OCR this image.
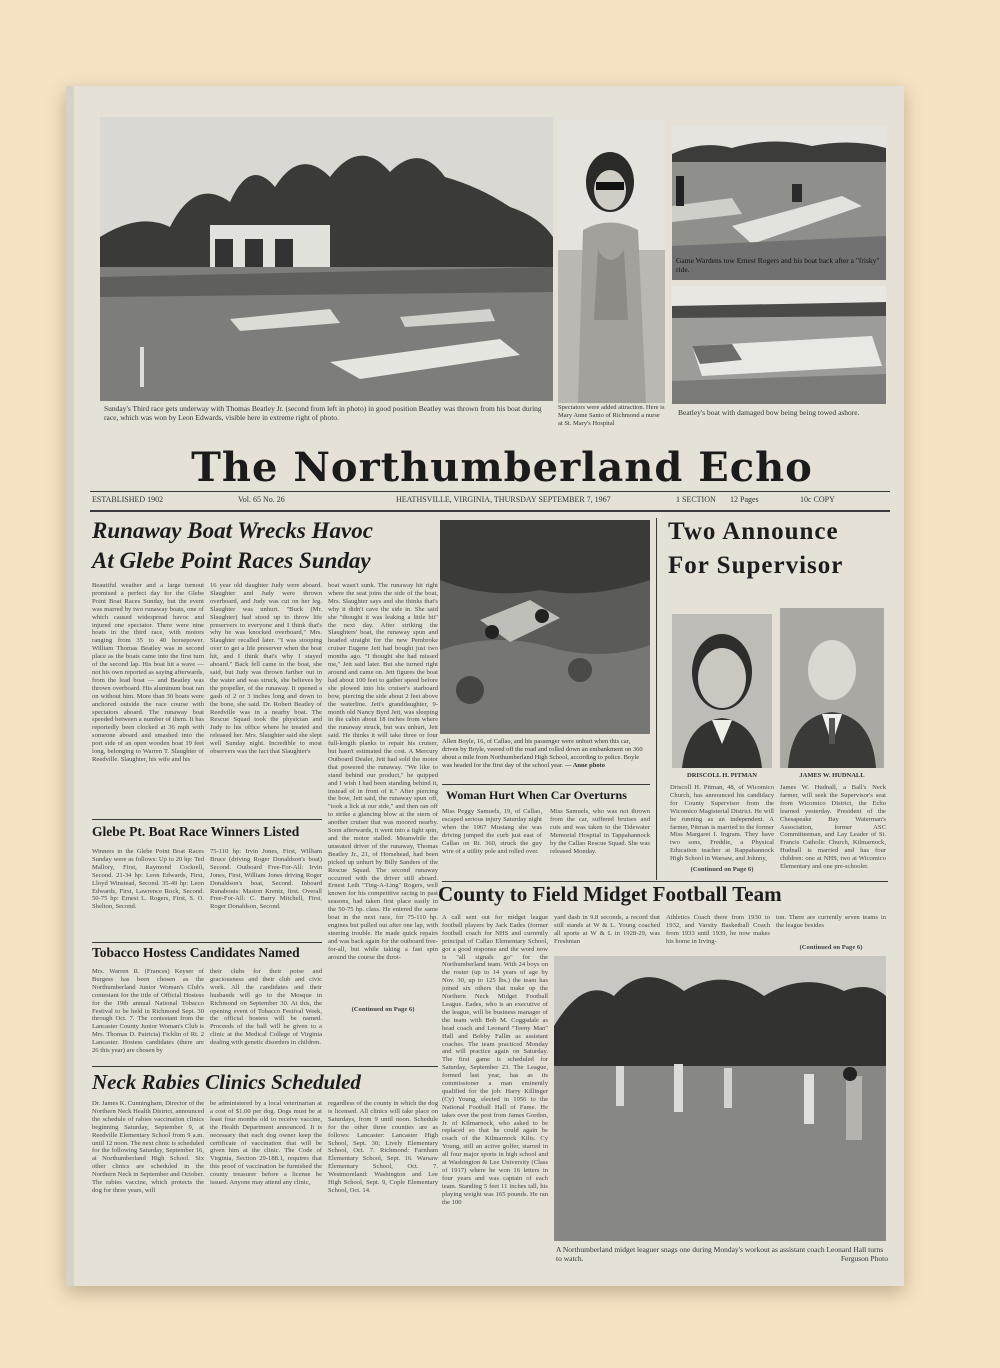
Sunday's Third race gets underway with Thomas Beatley Jr. (second from left in photo) in good position Beatley was thrown from his boat during race, which was won by Leon Edwards, visible here in extreme right of photo.
Spectators were added attraction. Here is Mary Anne Santo of Richmond a nurse at St. Mary's Hospital
Game Wardens tow Ernest Rogers and his boat back after a "frisky" ride.
Beatley's boat with damaged bow being being towed ashore.
The Northumberland Echo
ESTABLISHED 1902	Vol. 65 No. 26	HEATHSVILLE, VIRGINIA, THURSDAY SEPTEMBER 7, 1967	1 SECTION 12 Pages	10c COPY
Runaway Boat Wrecks Havoc
At Glebe Point Races Sunday
Beautiful weather and a large turnout promised a perfect day for the Glebe Point Boat Races Sunday, but the event was marred by two runaway boats, one of which caused widespread havoc and injured one spectator. There were nine boats in the third race, with motors ranging from 35 to 40 horsepower. William Thomas Beatley was in second place as the boats came into the first turn of the second lap. His boat hit a wave — not his own reported as saying afterwards, from the lead boat — and Beatley was thrown overboard. His aluminum boat ran on without him. More than 30 boats were anchored outside the race course with spectators aboard. The runaway boat speeded between a number of them. It has reportedly been clocked at 36 mph with someone aboard and smashed into the port side of an open wooden boat 19 feet long, belonging to Warren T. Slaughter of Reedville. Slaughter, his wife and his
16 year old daughter Judy were aboard. Slaughter and Judy were thrown overboard, and Judy was cut on her leg. Slaughter was unhurt. "Buck (Mr. Slaughter) had stood up to throw life preservers to everyone and I think that's why he was knocked overboard," Mrs. Slaughter recalled later. "I was stooping over to get a life preserver when the boat hit, and I think that's why I stayed aboard." Back fell came to the boat, she said, but Judy was thrown farther out in the water and was struck, she believes by the propeller, of the runaway. It opened a gash of 2 or 3 inches long and down to the bone, she said. Dr. Robert Beatley of Reedville was in a nearby boat. The Rescue Squad took the physician and Judy to his office where he treated and released her. Mrs. Slaughter said she slept well Sunday night. Incredible to most observers was the fact that Slaughter's
boat wasn't sunk. The runaway hit right where the seat joins the side of the boat, Mrs. Slaughter says and she thinks that's why it didn't cave the side in. She said she "thought it was leaking a little bit" the next day. After striking the Slaughters' boat, the runaway spun and headed straight for the new Pembroke cruiser Eugene Jett had bought just two months ago. "I thought she had missed me," Jett said later. But she turned right around and came on. Jett figures the boat had about 100 feet to gather speed before she plowed into his cruiser's starboard bow, piercing the side about 2 feet above the waterline. Jett's granddaughter, 9-month old Nancy Byrd Jett, was sleeping in the cabin about 18 inches from where the runaway struck, but was unhurt, Jett said. He thinks it will take three or four full-length planks to repair his cruiser, but hasn't estimated the cost. A Mercury Outboard Dealer, Jett had sold the motor that powered the runaway. "We like to stand behind our product," he quipped and I wish I had been standing behind it, instead of in front of it." After piercing the bow, Jett said, the runaway spun off, "took a lick at our side," and then ran off to strike a glancing blow at the stern of another cruiser that was moored nearby. Soon afterwards, it went into a tight spin, and the motor stalled. Meanwhile the unseated driver of the runaway, Thomas Beatley Jr., 21, of Horsehead, had been picked up unhurt by Billy Sanders of the Rescue Squad. The second runaway occurred with the driver still aboard. Ernest Leth "Ting-A-Ling" Rogers, well known for his competitive racing in past seasons, had taken first place easily in the 50-75 hp. class. He entered the same boat in the next race, for 75-110 hp. engines but pulled out after one lap, with steering trouble. He made quick repairs and was back again for the outboard free-for-all, but while taking a fast spin around the course the throt-
(Continued on Page 6)
Glebe Pt. Boat Race Winners Listed
Winners in the Glebe Point Boat Races Sunday were as follows: Up to 20 hp: Ted Mallory, First, Raymond Cockrell, Second. 21-34 hp: Leon Edwards, First, Lloyd Winstead, Second. 35-49 hp: Leon Edwards, First, Lawrence Rock, Second. 50-75 hp: Ernest L. Rogers, First, S. O. Shelton, Second.
75-110 hp: Irvin Jones, First, William Bruce (driving Roger Donaldson's boat) Second. Outboard Free-For-All: Irvin Jones, First, William Jones driving Roger Donaldson's boat, Second. Inboard Runabouts: Maston Krentz, first. Overall Free-For-All: C. Barry Mitchell, First, Roger Donaldson, Second.
Tobacco Hostess Candidates Named
Mrs. Warren R. (Frances) Keyser of Burgess has been chosen as the Northumberland Junior Woman's Club's contestant for the title of Official Hostess for the 19th annual National Tobacco Festival to be held in Richmond Sept. 30 through Oct. 7. The contestant from the Lancaster County Junior Woman's Club is Mrs. Thomas D. Patricia) Ficklin of Rt. 2 Lancaster. Hostess candidates (there are 26 this year) are chosen by
their clubs for their poise and graciousness and their club and civic work. All the candidates and their husbands will go to the Mosque in Richmond on September 30. At this, the opening event of Tobacco Festival Week, the official hostess will be named. Proceeds of the ball will be given to a clinic at the Medical College of Virginia dealing with genetic disorders in children.
Neck Rabies Clinics Scheduled
Dr. James K. Cunningham, Director of the Northern Neck Health District, announced the schedule of rabies vaccination clinics beginning Saturday, September 9, at Reedville Elementary School from 9 a.m. until 12 noon. The next clinic is scheduled for the following Saturday, September 16, at Northumberland High School. Six other clinics are scheduled in the Northern Neck in September and October. The rabies vaccine, which protects the dog for three years, will
be administered by a local veterinarian at a cost of $1.00 per dog. Dogs must be at least four months old to receive vaccine, the Health Department announced. It is necessary that each dog owner keep the certificate of vaccination that will be given him at the clinic. The Code of Virginia, Section 29-188.1, requires that this proof of vaccination be furnished the county treasurer before a license be issued. Anyone may attend any clinic,
regardless of the county in which the dog is licensed. All clinics will take place on Saturdays, from 9 until noon. Schedule for the other three counties are as follows: Lancaster: Lancaster High School, Sept. 30; Lively Elementary School, Oct. 7. Richmond: Farnham Elementary School, Sept. 16. Warsaw Elementary School, Oct. 7. Westmoreland: Washington and Lee High School, Sept. 9, Cople Elementary School, Oct. 14.
Allen Boyle, 16, of Callao, and his passenger were unhurt when this car, driven by Boyle, veered off the road and rolled down an embankment on 360 about a mile from Northumberland High School, according to police. Boyle was headed for the first day of the school year. — Anne photo
Woman Hurt When Car Overturns
Miss Peggy Samuels, 19, of Callao, escaped serious injury Saturday night when the 1967 Mustang she was driving jumped the curb just east of Callao on Rt. 360, struck the guy wire of a utility pole and rolled over.
Miss Samuels, who was not thrown from the car, suffered bruises and cuts and was taken to the Tidewater Memorial Hospital in Tappahannock by the Callao Rescue Squad. She was released Monday.
Two Announce
For Supervisor
DRISCOLL H. PITMAN	JAMES W. HUDNALL
Driscoll H. Pitman, 48, of Wicomico Church, has announced his candidacy for County Supervisor from the Wicomico Magisterial District. He will be running as an independent. A farmer, Pitman is married to the former Miss Margaret I. Ingram. They have two sons, Freddie, a Physical Education teacher at Rappahannock High School in Warsaw, and Johnny,
(Continued on Page 6)
James W. Hudnall, a Ball's Neck farmer, will seek the Supervisor's seat from Wicomico District, the Echo learned yesterday. President of the Chesapeake Bay Waterman's Association, former ASC Committeeman, and Lay Leader of St. Francis Catholic Church, Kilmarnock, Hudnall is married and has four children: one at NHS, two at Wicomico Elementary and one pre-schooler.
County to Field Midget Football Team
A call sent out for midget league football players by Jack Eades (former football coach for NHS and currently principal of Callao Elementary School, got a good response and the word now is "all signals go" for the Northumberland team. With 24 boys on the roster (up to 14 years of age by Nov. 30, up to 125 lbs.) the team has joined six others that make up the Northern Neck Midget Football League. Eades, who is an executive of the league, will be business manager of the team with Bob M. Coggsdale as head coach and Leonard "Teeny Man" Hall and Bobby Fallin as assistant coaches. The team practiced Monday and will practice again on Saturday. The first game is scheduled for Saturday, September 23. The League, formed last year, has as its commissioner a man eminently qualified for the job: Harry Killinger (Cy) Young, elected in 1956 to the National Football Hall of Fame. He takes over the post from James Gordon, Jr. of Kilmarnock, who asked to be replaced so that he could again be coach of the Kilmarnock Kilts. Cy Young, still an active golfer, starred in all four major sports in high school and at Washington & Lee University (Class of 1917) where he won 16 letters in four years and was captain of each team. Standing 5 feet 11 inches tall, his playing weight was 165 pounds. He ran the 100
yard dash in 9.8 seconds, a record that still stands at W & L. Young coached all sports at W & L in 1928-29, was Freshman
Athletics Coach there from 1930 to 1932, and Varsity Basketball Coach from 1933 until 1939, he now makes his home in Irving-
ton. There are currently seven teams in the league besides
(Continued on Page 6)
A Northumberland midget leaguer snags one during Monday's workout as assistant coach Leonard Hall turns to watch.	Ferguson Photo
